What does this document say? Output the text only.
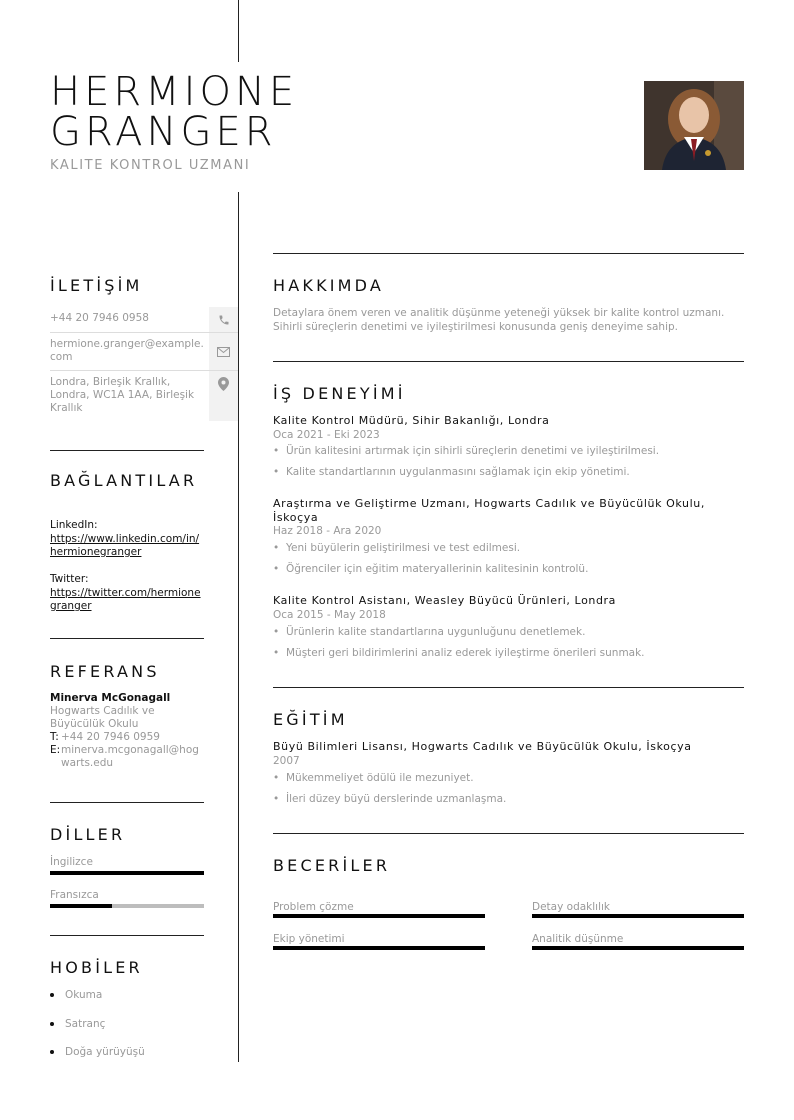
HERMIONE
GRANGER
KALITE KONTROL UZMANI
İLETİŞİM
+44 20 7946 0958
hermione.granger@example.com
Londra, Birleşik Krallık, Londra, WC1A 1AA, Birleşik Krallık
BAĞLANTILAR
LinkedIn:
https://www.linkedin.com/in/hermionegranger
Twitter:
https://twitter.com/hermionegranger
REFERANS
Minerva McGonagall
Hogwarts Cadılık ve Büyücülük Okulu
T: +44 20 7946 0959
E: minerva.mcgonagall@hogwarts.edu
DİLLER
İngilizce
Fransızca
HOBİLER
Okuma
Satranç
Doğa yürüyüşü
HAKKIMDA
Detaylara önem veren ve analitik düşünme yeteneği yüksek bir kalite kontrol uzmanı. Sihirli süreçlerin denetimi ve iyileştirilmesi konusunda geniş deneyime sahip.
İŞ DENEYİMİ
Kalite Kontrol Müdürü, Sihir Bakanlığı, Londra
Oca 2021 - Eki 2023
• Ürün kalitesini artırmak için sihirli süreçlerin denetimi ve iyileştirilmesi.
• Kalite standartlarının uygulanmasını sağlamak için ekip yönetimi.
Araştırma ve Geliştirme Uzmanı, Hogwarts Cadılık ve Büyücülük Okulu, İskoçya
Haz 2018 - Ara 2020
• Yeni büyülerin geliştirilmesi ve test edilmesi.
• Öğrenciler için eğitim materyallerinin kalitesinin kontrolü.
Kalite Kontrol Asistanı, Weasley Büyücü Ürünleri, Londra
Oca 2015 - May 2018
• Ürünlerin kalite standartlarına uygunluğunu denetlemek.
• Müşteri geri bildirimlerini analiz ederek iyileştirme önerileri sunmak.
EĞİTİM
Büyü Bilimleri Lisansı, Hogwarts Cadılık ve Büyücülük Okulu, İskoçya
2007
• Mükemmeliyet ödülü ile mezuniyet.
• İleri düzey büyü derslerinde uzmanlaşma.
BECERİLER
Problem çözme	Detay odaklılık
Ekip yönetimi	Analitik düşünme
